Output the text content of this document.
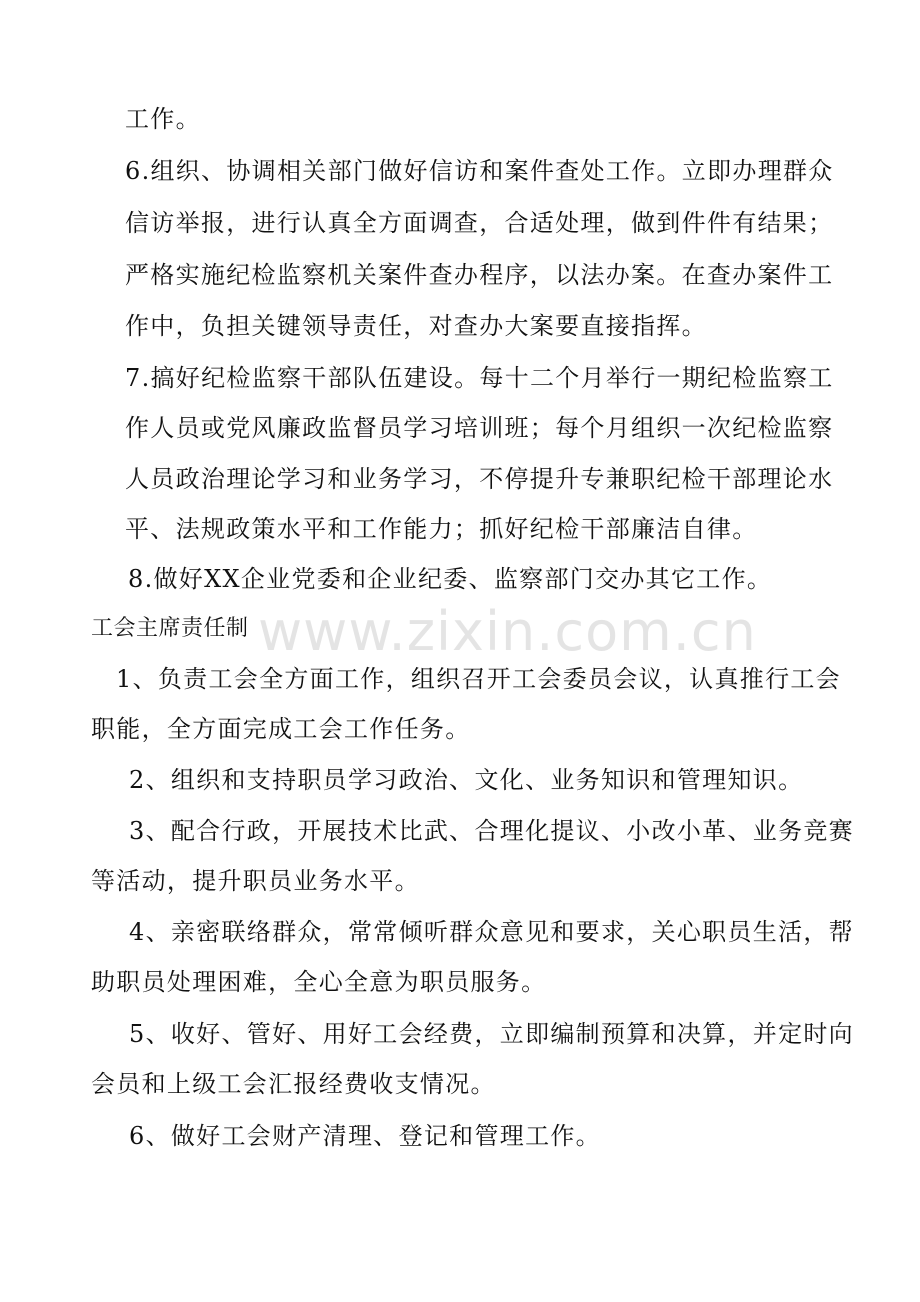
工作。
6.组织、协调相关部门做好信访和案件查处工作。立即办理群众
信访举报，进行认真全方面调查，合适处理，做到件件有结果；
严格实施纪检监察机关案件查办程序，以法办案。在查办案件工
作中，负担关键领导责任，对查办大案要直接指挥。
7.搞好纪检监察干部队伍建设。每十二个月举行一期纪检监察工
作人员或党风廉政监督员学习培训班；每个月组织一次纪检监察
人员政治理论学习和业务学习，不停提升专兼职纪检干部理论水
平、法规政策水平和工作能力；抓好纪检干部廉洁自律。
8.做好XX企业党委和企业纪委、监察部门交办其它工作。
工会主席责任制 www.zixin.com.cn
1、负责工会全方面工作，组织召开工会委员会议，认真推行工会
职能，全方面完成工会工作任务。
2、组织和支持职员学习政治、文化、业务知识和管理知识。
3、配合行政，开展技术比武、合理化提议、小改小革、业务竞赛
等活动，提升职员业务水平。
4、亲密联络群众，常常倾听群众意见和要求，关心职员生活，帮
助职员处理困难，全心全意为职员服务。
5、收好、管好、用好工会经费，立即编制预算和决算，并定时向
会员和上级工会汇报经费收支情况。
6、做好工会财产清理、登记和管理工作。
